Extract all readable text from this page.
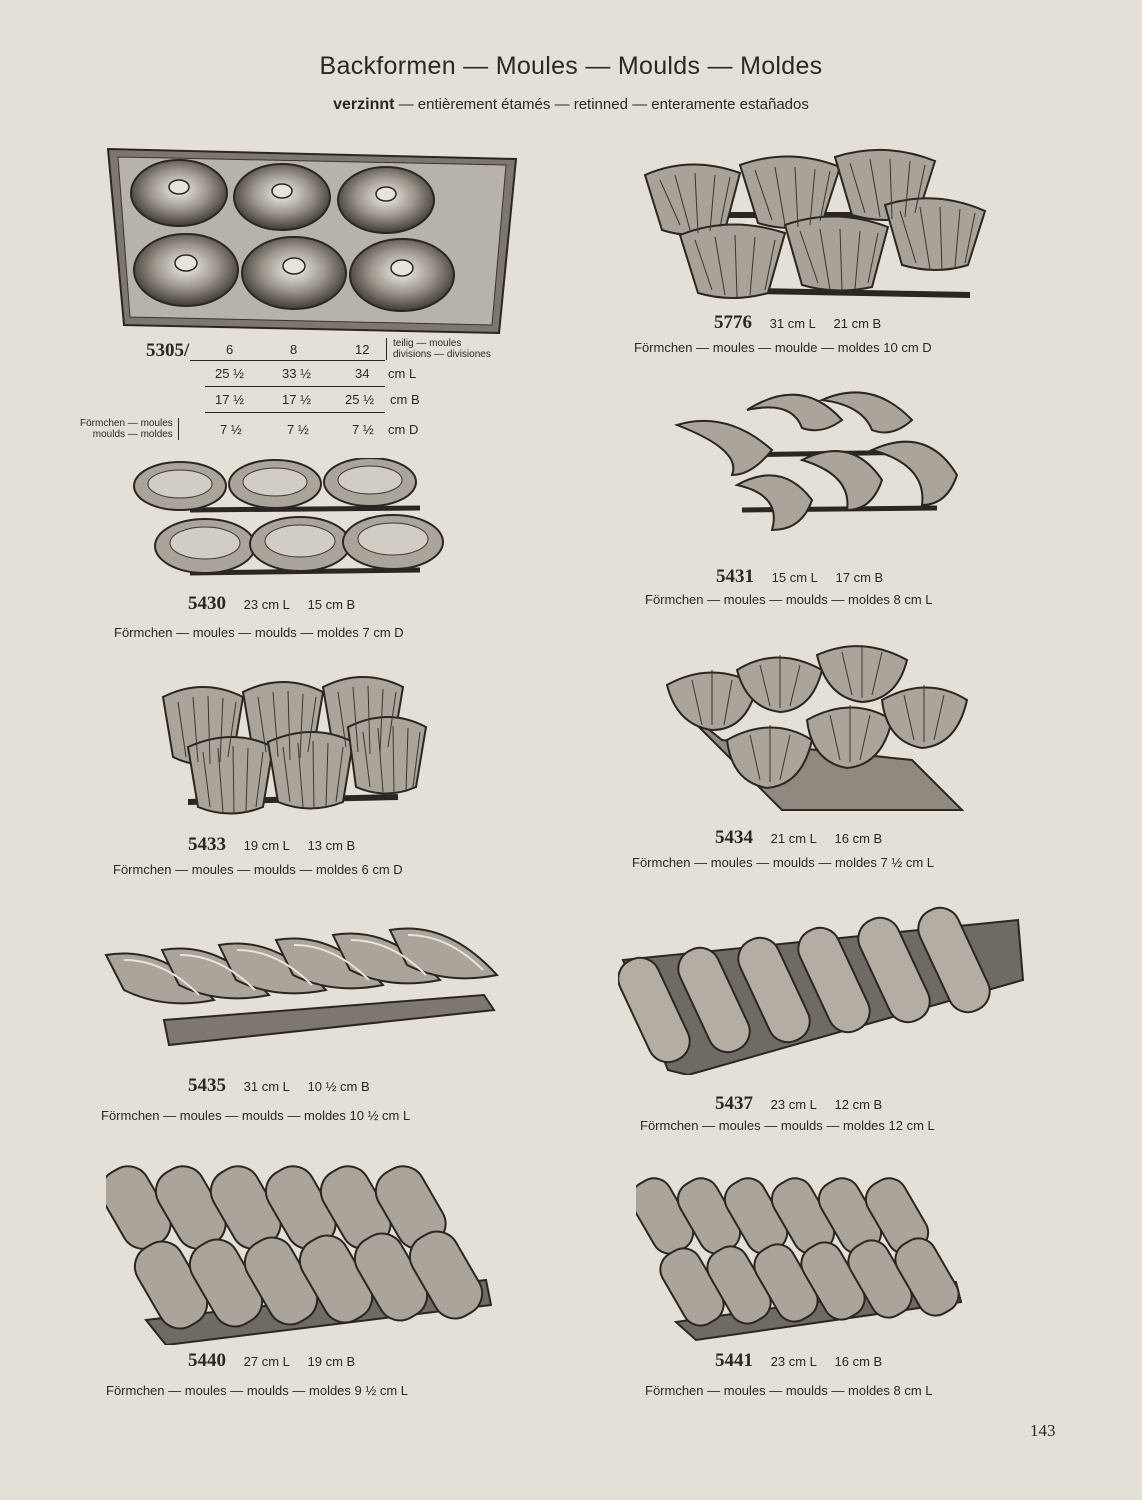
Backformen — Moules — Moulds — Moldes
verzinnt — entièrement étamés — retinned — enteramente estañados
5305/	6	8	12 teilig — moules
divisions — divisiones
25 ½	33 ½	34 cm L
17 ½	17 ½	25 ½ cm B
Förmchen — moules
moulds — moldes	7 ½	7 ½	7 ½ cm D
5776 31 cm L 21 cm B
Förmchen — moules — moulde — moldes 10 cm D
5430 23 cm L 15 cm B
Förmchen — moules — moulds — moldes 7 cm D
5431 15 cm L 17 cm B
Förmchen — moules — moulds — moldes 8 cm L
5433 19 cm L 13 cm B
Förmchen — moules — moulds — moldes 6 cm D
5434 21 cm L 16 cm B
Förmchen — moules — moulds — moldes 7 ½ cm L
5435 31 cm L 10 ½ cm B
Förmchen — moules — moulds — moldes 10 ½ cm L
5437 23 cm L 12 cm B
Förmchen — moules — moulds — moldes 12 cm L
5440 27 cm L 19 cm B
Förmchen — moules — moulds — moldes 9 ½ cm L
5441 23 cm L 16 cm B
Förmchen — moules — moulds — moldes 8 cm L
143
